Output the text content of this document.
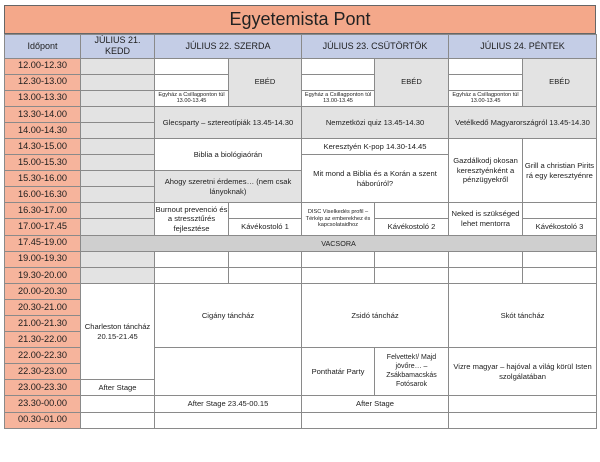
Egyetemista Pont
Időpont	JÚLIUS 21. KEDD	JÚLIUS 22. SZERDA		JÚLIUS 23. CSÜTÖRTÖK		JÚLIUS 24. PÉNTEK	
12.00-12.30			EBÉD		EBÉD		EBÉD
12.30-13.00							
13.00-13.30		Egyház a Csillagponton túl 13.00-13.45		Egyház a Csillagponton túl 13.00-13.45		Egyház a Csillagponton túl 13.00-13.45	
13.30-14.00		Glecsparty – sztereotípiák 13.45-14.30		Nemzetközi quiz 13.45-14.30		Vetélkedő Magyarországról 13.45-14.30	
14.00-14.30							
14.30-15.00		Biblia a biológiaórán		Keresztyén K-pop 14.30-14.45		Gazdálkodj okosan keresztyénként a pénzügyekről	Grill a christian Pirits rá egy keresztyénre
15.00-15.30				Mit mond a Biblia és a Korán a szent háborúról?			
15.30-16.00		Ahogy szeretni érdemes… (nem csak lányoknak)					
16.00-16.30							
16.30-17.00		Burnout prevenció és a stressztűrés fejlesztése		DISC Viselkedés profil – Térkép az emberekhez és kapcsolataidhoz		Neked is szükséged lehet mentorra	
17.00-17.45			Kávékostoló 1		Kávékostoló 2		Kávékostoló 3
17.45-19.00	VACSORA						
19.00-19.30							
19.30-20.00							
20.00-20.30	Charleston táncház 20.15-21.45	Cigány táncház		Zsidó táncház		Skót táncház	
20.30-21.00							
21.00-21.30							
21.30-22.00							
22.00-22.30				Ponthatár Party	Felvettek!/ Majd jövőre… – Zsákbamacskás Fotósarok	Vizre magyar – hajóval a világ körül Isten szolgálatában	
22.30-23.00							
23.00-23.30	After Stage						
23.30-00.00		After Stage 23.45-00.15		After Stage			
00.30-01.00							
